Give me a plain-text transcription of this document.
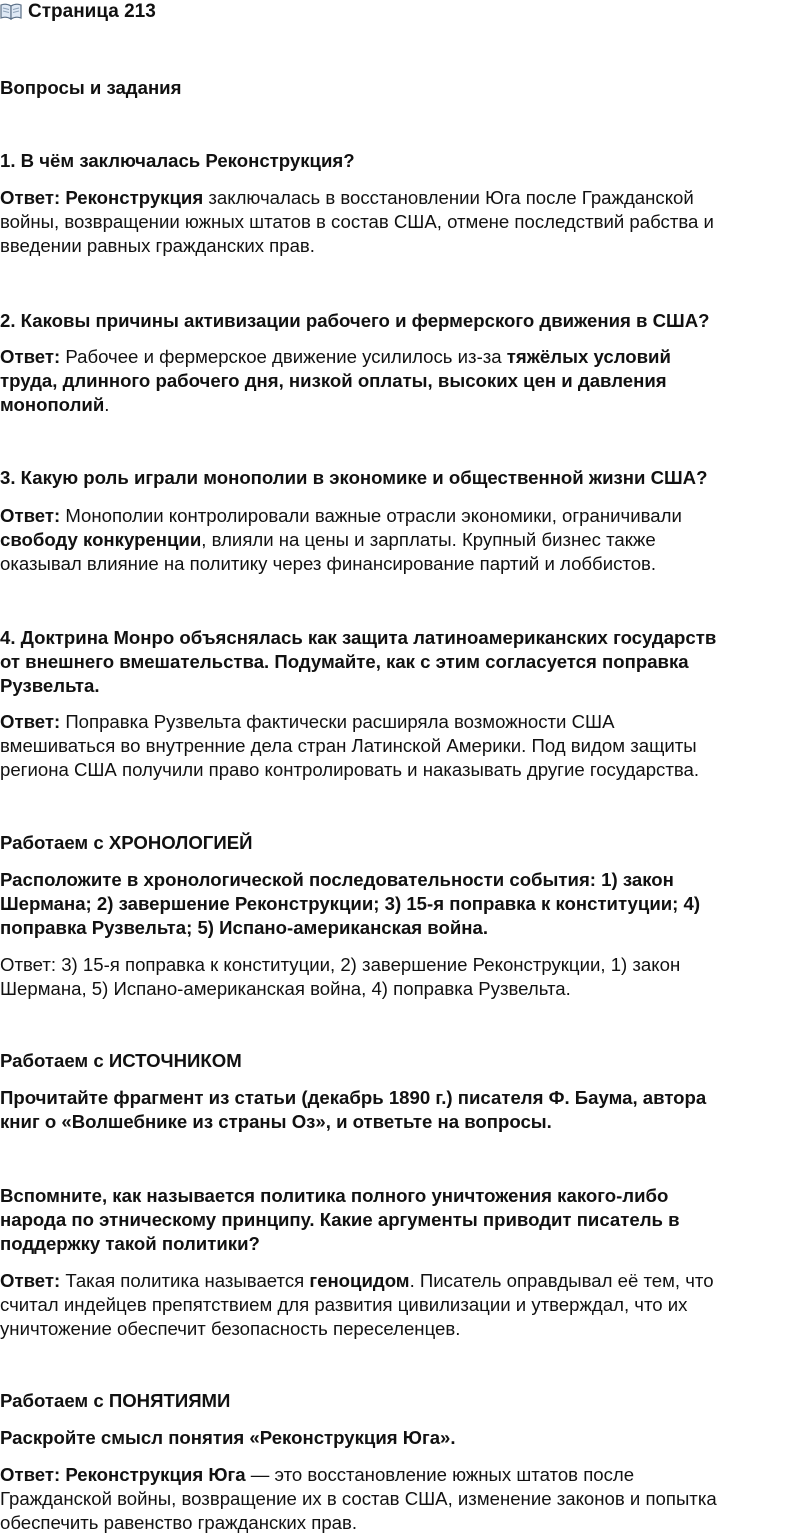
Страница 213
Вопросы и задания
1. В чём заключалась Реконструкция?
Ответ: Реконструкция заключалась в восстановлении Юга после Гражданской
войны, возвращении южных штатов в состав США, отмене последствий рабства и
введении равных гражданских прав.
2. Каковы причины активизации рабочего и фермерского движения в США?
Ответ: Рабочее и фермерское движение усилилось из-за тяжёлых условий
труда, длинного рабочего дня, низкой оплаты, высоких цен и давления
монополий.
3. Какую роль играли монополии в экономике и общественной жизни США?
Ответ: Монополии контролировали важные отрасли экономики, ограничивали
свободу конкуренции, влияли на цены и зарплаты. Крупный бизнес также
оказывал влияние на политику через финансирование партий и лоббистов.
4. Доктрина Монро объяснялась как защита латиноамериканских государств
от внешнего вмешательства. Подумайте, как с этим согласуется поправка
Рузвельта.
Ответ: Поправка Рузвельта фактически расширяла возможности США
вмешиваться во внутренние дела стран Латинской Америки. Под видом защиты
региона США получили право контролировать и наказывать другие государства.
Работаем с ХРОНОЛОГИЕЙ
Расположите в хронологической последовательности события: 1) закон
Шермана; 2) завершение Реконструкции; 3) 15-я поправка к конституции; 4)
поправка Рузвельта; 5) Испано-американская война.
Ответ: 3) 15-я поправка к конституции, 2) завершение Реконструкции, 1) закон
Шермана, 5) Испано-американская война, 4) поправка Рузвельта.
Работаем с ИСТОЧНИКОМ
Прочитайте фрагмент из статьи (декабрь 1890 г.) писателя Ф. Баума, автора
книг о «Волшебнике из страны Оз», и ответьте на вопросы.
Вспомните, как называется политика полного уничтожения какого-либо
народа по этническому принципу. Какие аргументы приводит писатель в
поддержку такой политики?
Ответ: Такая политика называется геноцидом. Писатель оправдывал её тем, что
считал индейцев препятствием для развития цивилизации и утверждал, что их
уничтожение обеспечит безопасность переселенцев.
Работаем с ПОНЯТИЯМИ
Раскройте смысл понятия «Реконструкция Юга».
Ответ: Реконструкция Юга — это восстановление южных штатов после
Гражданской войны, возвращение их в состав США, изменение законов и попытка
обеспечить равенство гражданских прав.
